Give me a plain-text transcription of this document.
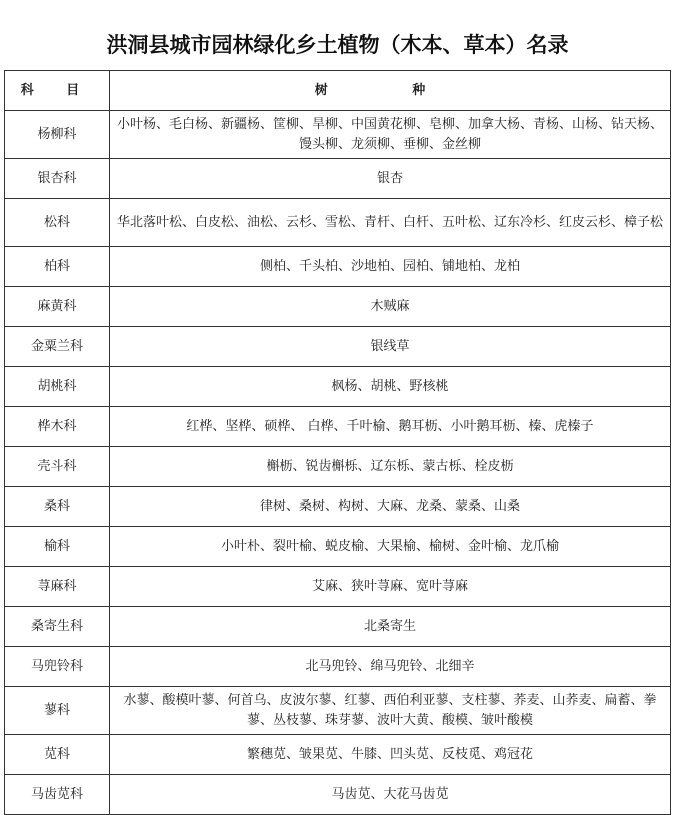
洪洞县城市园林绿化乡土植物（木本、草本）名录
科 目	树 种
杨柳科	小叶杨、毛白杨、新疆杨、筐柳、旱柳、中国黄花柳、皂柳、加拿大杨、青杨、山杨、钻天杨、馒头柳、龙须柳、垂柳、金丝柳
银杏科	银杏
松科	华北落叶松、白皮松、油松、云杉、雪松、青杆、白杆、五叶松、辽东冷杉、红皮云杉、樟子松
柏科	侧柏、千头柏、沙地柏、园柏、铺地柏、龙柏
麻黄科	木贼麻
金粟兰科	银线草
胡桃科	枫杨、胡桃、野核桃
桦木科	红桦、坚桦、硕桦、 白桦、千叶榆、鹅耳枥、小叶鹅耳枥、榛、虎榛子
壳斗科	槲枥、锐齿槲栎、辽东栎、蒙古栎、栓皮枥
桑科	律树、桑树、构树、大麻、龙桑、蒙桑、山桑
榆科	小叶朴、裂叶榆、蜕皮榆、大果榆、榆树、金叶榆、龙爪榆
荨麻科	艾麻、狭叶荨麻、宽叶荨麻
桑寄生科	北桑寄生
马兜铃科	北马兜铃、绵马兜铃、北细辛
蓼科	水蓼、酸模叶蓼、何首乌、皮波尔蓼、红蓼、西伯利亚蓼、支柱蓼、荞麦、山荞麦、扁蓄、拳蓼、丛枝蓼、珠芽蓼、波叶大黄、酸模、皱叶酸模
苋科	繁穗苋、皱果苋、牛膝、凹头苋、反枝觅、鸡冠花
马齿苋科	马齿苋、大花马齿苋
